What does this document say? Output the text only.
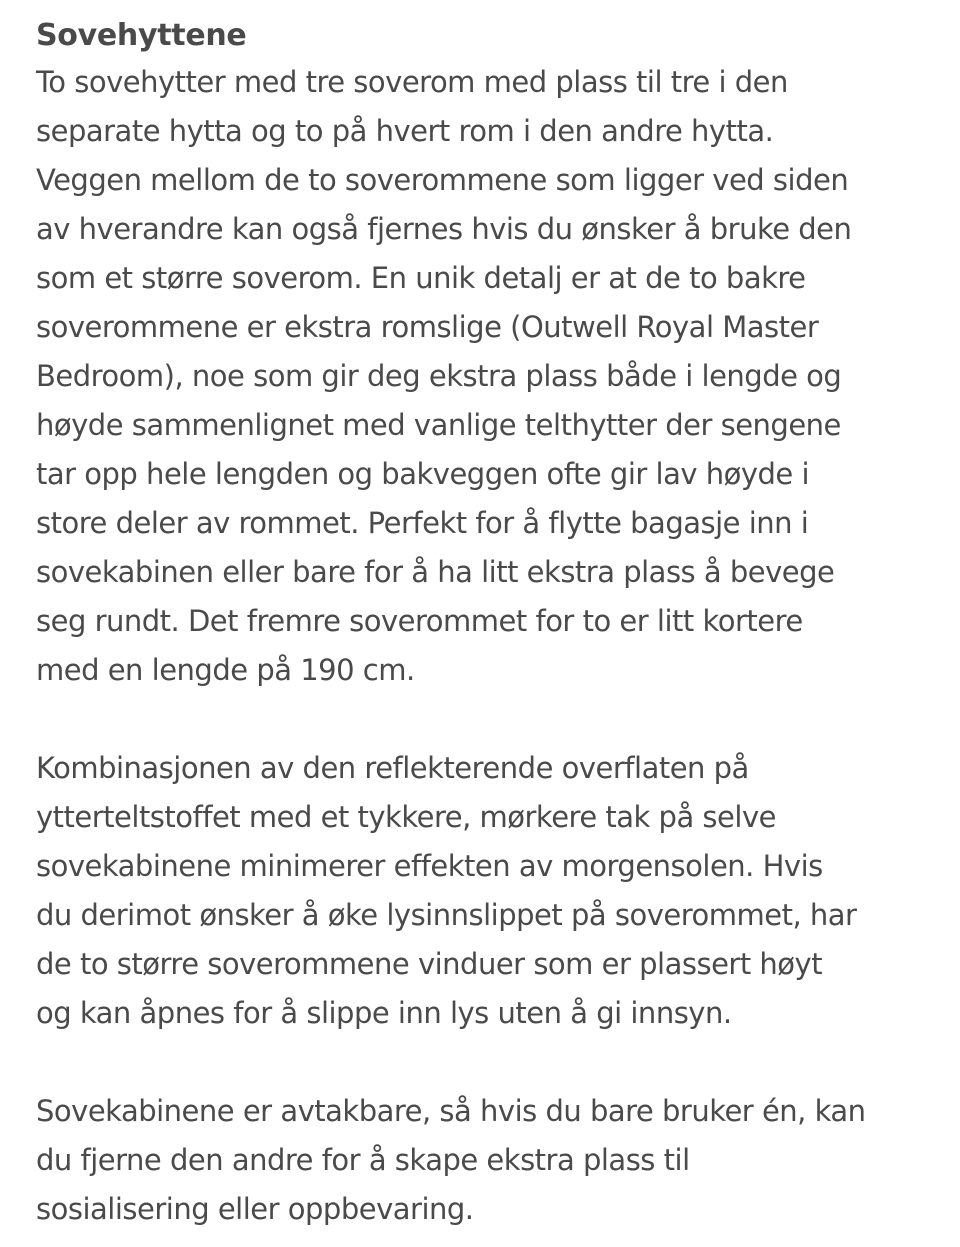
Sovehyttene

To sovehytter med tre soverom med plass til tre i den
separate hytta og to på hvert rom i den andre hytta.
Veggen mellom de to soverommene som ligger ved siden
av hverandre kan også fjernes hvis du ønsker å bruke den
som et større soverom. En unik detalj er at de to bakre
soverommene er ekstra romslige (Outwell Royal Master
Bedroom), noe som gir deg ekstra plass både i lengde og
høyde sammenlignet med vanlige telthytter der sengene
tar opp hele lengden og bakveggen ofte gir lav høyde i
store deler av rommet. Perfekt for å flytte bagasje inn i
sovekabinen eller bare for å ha litt ekstra plass å bevege
seg rundt. Det fremre soverommet for to er litt kortere
med en lengde på 190 cm.

Kombinasjonen av den reflekterende overflaten på
ytterteltstoffet med et tykkere, mørkere tak på selve
sovekabinene minimerer effekten av morgensolen. Hvis
du derimot ønsker å øke lysinnslippet på soverommet, har
de to større soverommene vinduer som er plassert høyt
og kan åpnes for å slippe inn lys uten å gi innsyn.

Sovekabinene er avtakbare, så hvis du bare bruker én, kan
du fjerne den andre for å skape ekstra plass til
sosialisering eller oppbevaring.
